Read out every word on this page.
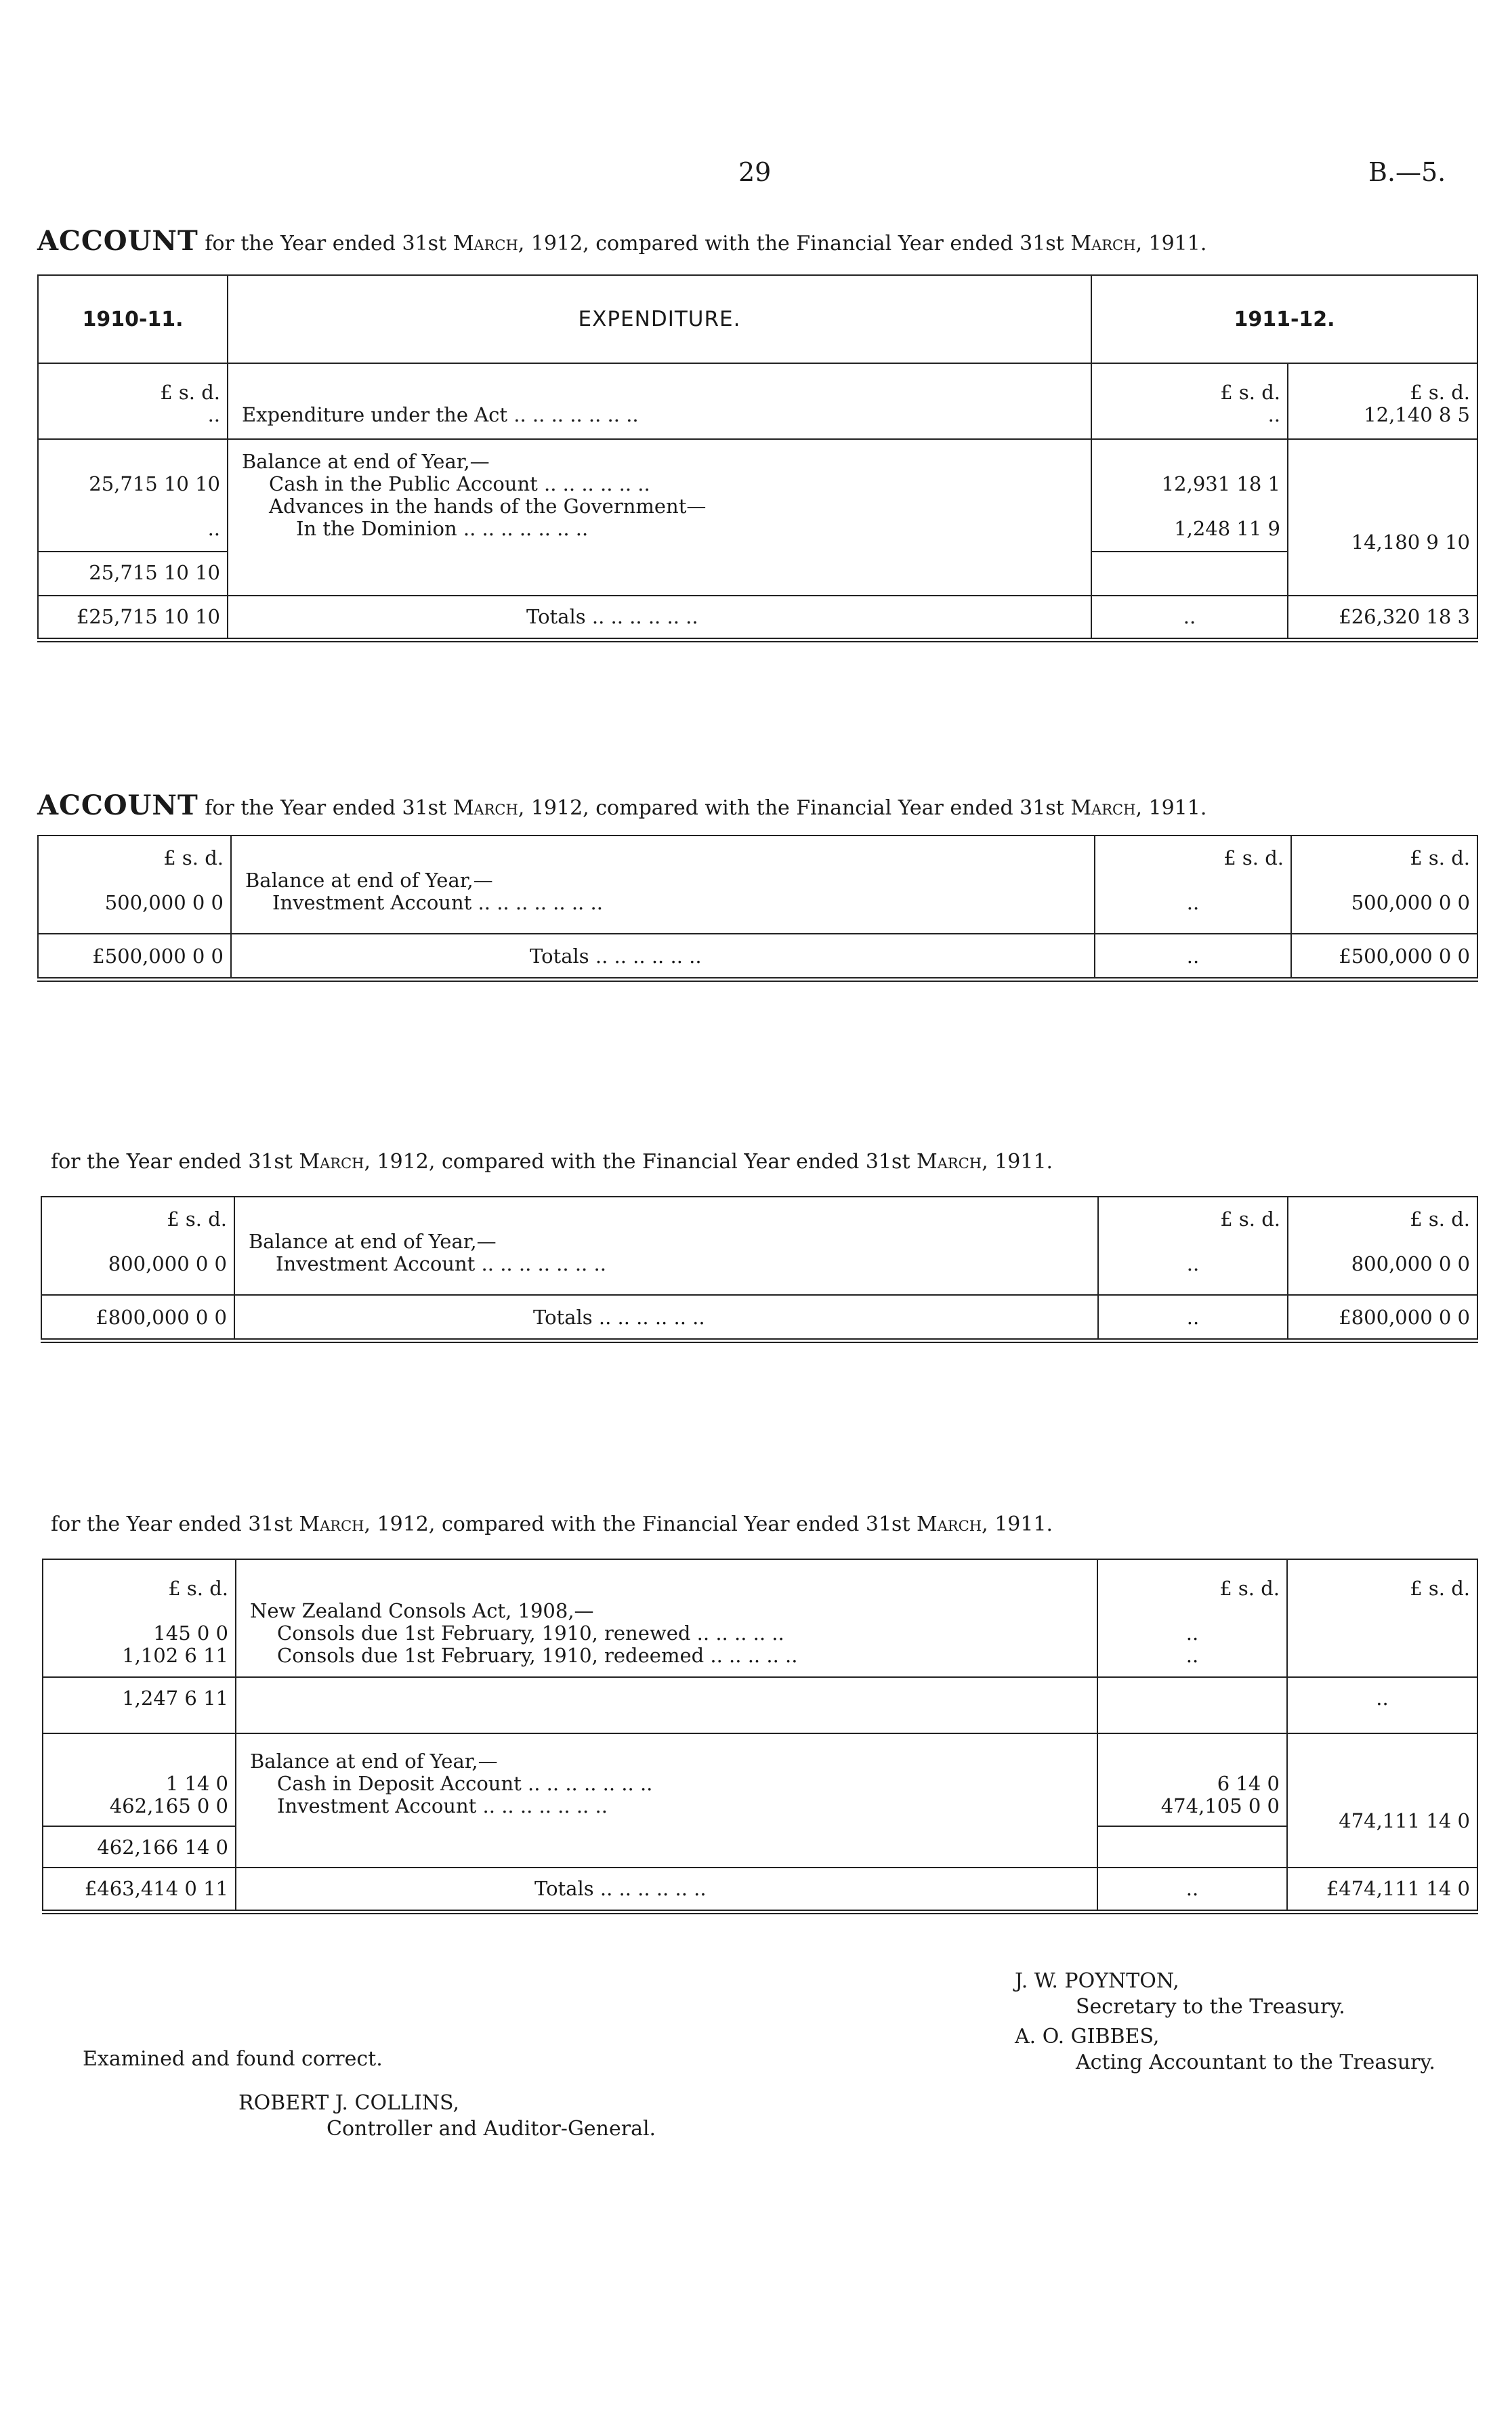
29	B.—5.
ACCOUNT for the Year ended 31st March, 1912, compared with the Financial Year ended 31st March, 1911.
1910-11.	EXPENDITURE.	1911-12.	
£ s. d.		£ s. d.	£ s. d.
..	Expenditure under the Act .. .. .. .. .. .. ..	..	12,140 8 5
	Balance at end of Year,—		
25,715 10 10	Cash in the Public Account .. .. .. .. .. ..	12,931 18 1	
	Advances in the hands of the Government—		
..	In the Dominion .. .. .. .. .. .. ..	1,248 11 9	
25,715 10 10			14,180 9 10
£25,715 10 10	Totals .. .. .. .. .. ..	..	£26,320 18 3
ACCOUNT for the Year ended 31st March, 1912, compared with the Financial Year ended 31st March, 1911.
£ s. d.		£ s. d.	£ s. d.
	Balance at end of Year,—		
500,000 0 0	Investment Account .. .. .. .. .. .. ..	..	500,000 0 0
£500,000 0 0	Totals .. .. .. .. .. ..	..	£500,000 0 0
for the Year ended 31st March, 1912, compared with the Financial Year ended 31st March, 1911.
£ s. d.		£ s. d.	£ s. d.
	Balance at end of Year,—		
800,000 0 0	Investment Account .. .. .. .. .. .. ..	..	800,000 0 0
£800,000 0 0	Totals .. .. .. .. .. ..	..	£800,000 0 0
for the Year ended 31st March, 1912, compared with the Financial Year ended 31st March, 1911.
£ s. d.		£ s. d.	£ s. d.
	New Zealand Consols Act, 1908,—		
145 0 0	Consols due 1st February, 1910, renewed .. .. .. .. ..	..	
1,102 6 11	Consols due 1st February, 1910, redeemed .. .. .. .. ..	..	
1,247 6 11			..
	Balance at end of Year,—		
1 14 0	Cash in Deposit Account .. .. .. .. .. .. ..	6 14 0	
462,165 0 0	Investment Account .. .. .. .. .. .. ..	474,105 0 0	
462,166 14 0			474,111 14 0
£463,414 0 11	Totals .. .. .. .. .. ..	..	£474,111 14 0
J. W. POYNTON,
Secretary to the Treasury.
A. O. GIBBES,
Acting Accountant to the Treasury.
Examined and found correct.
ROBERT J. COLLINS,
Controller and Auditor-General.
